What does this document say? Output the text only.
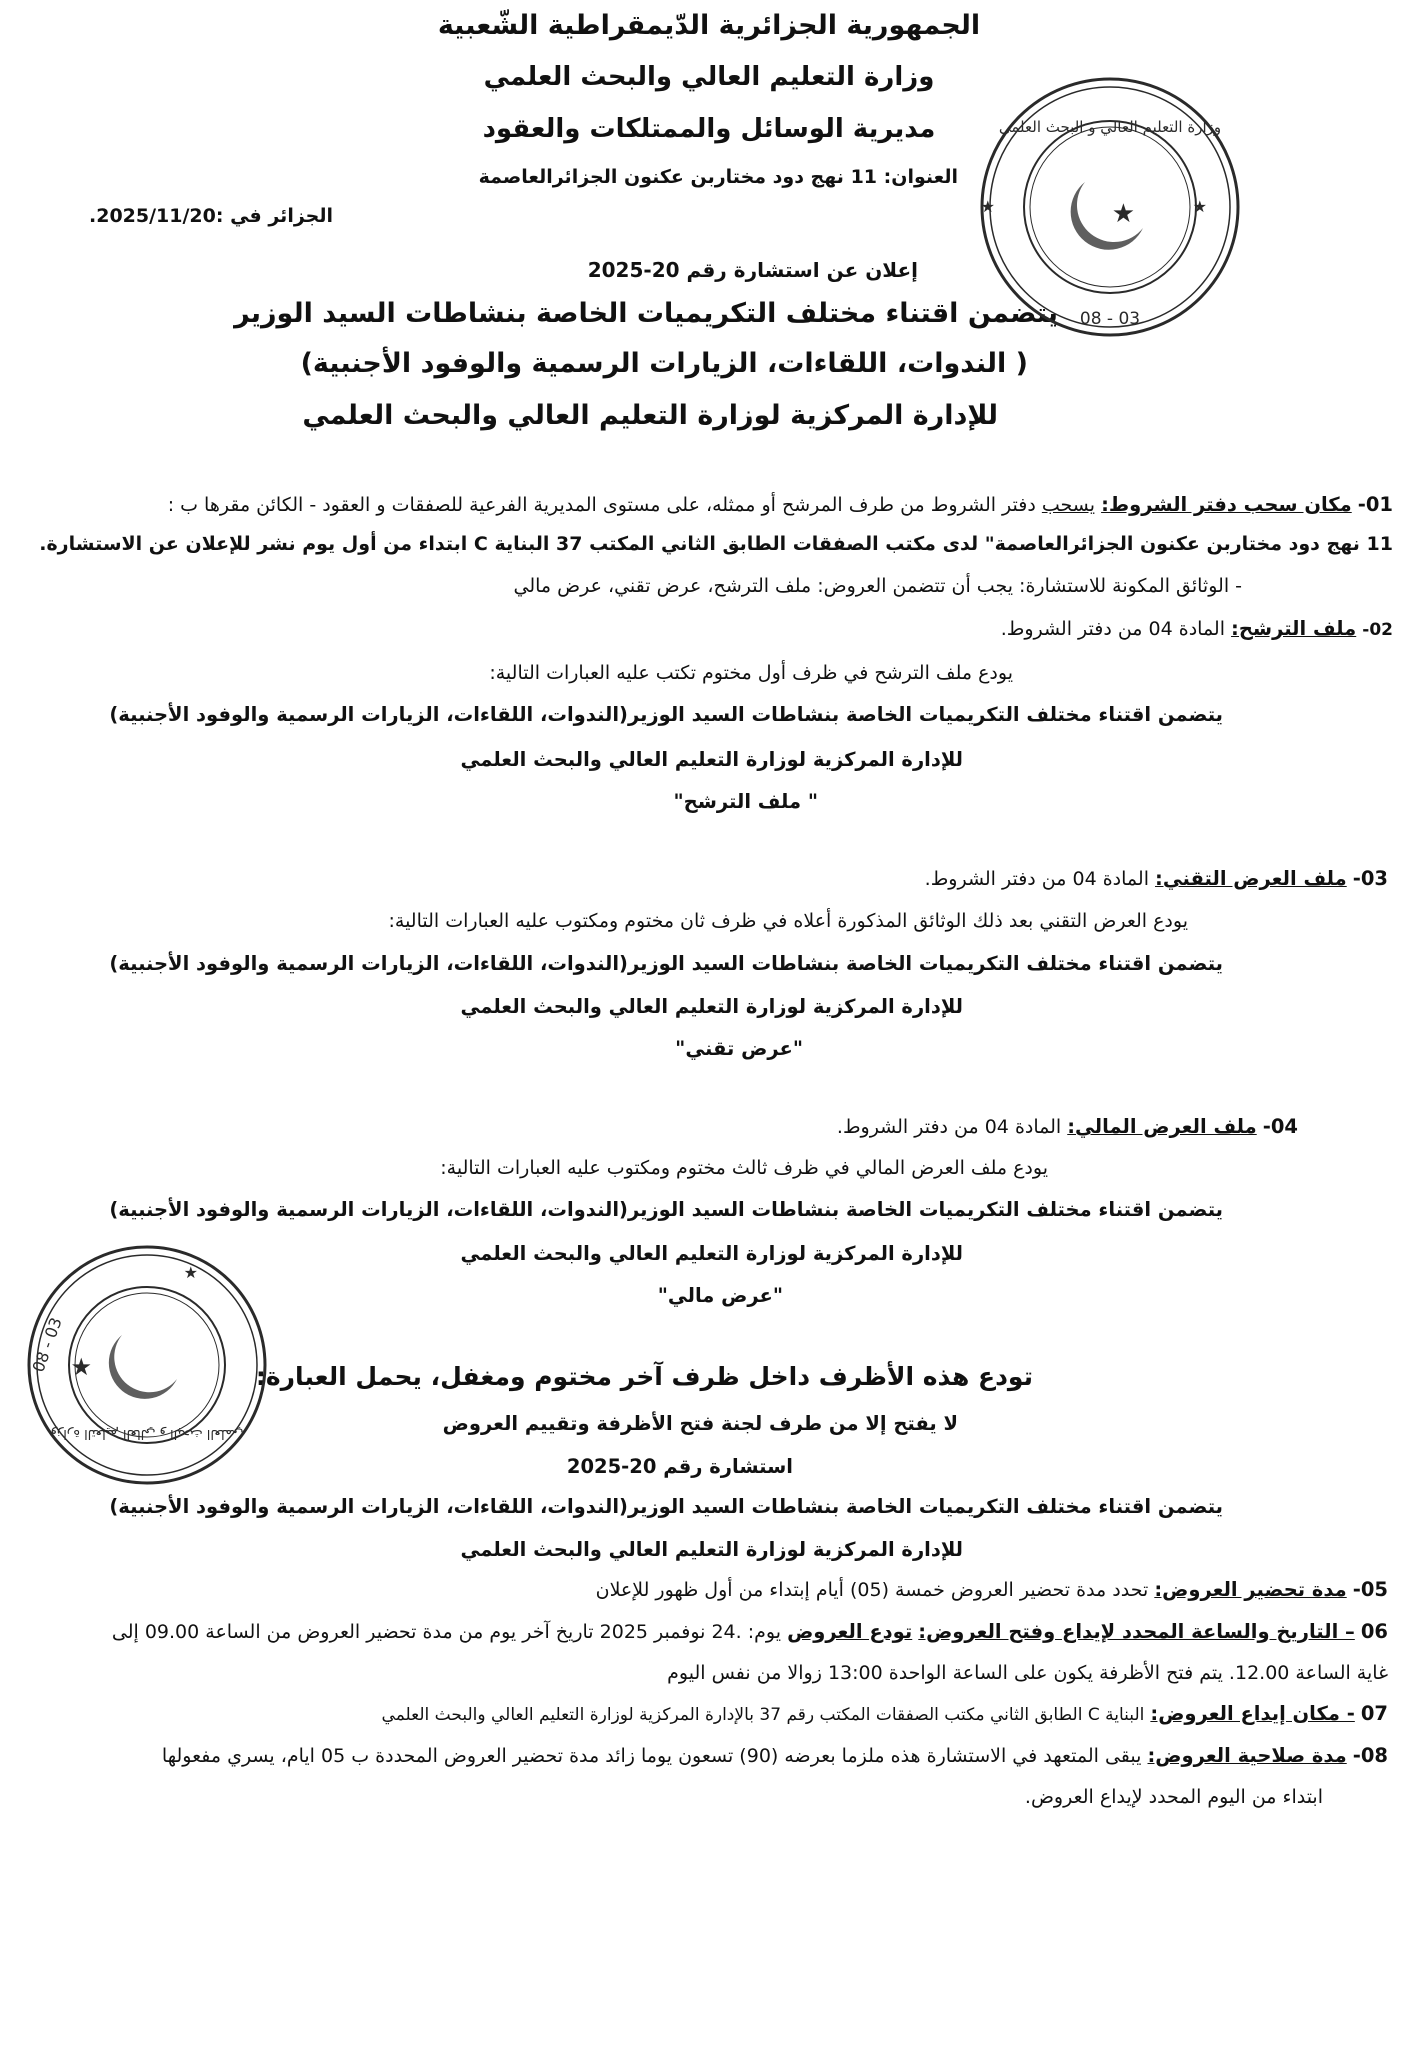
الجمهورية الجزائرية الدّيمقراطية الشّعبية
وزارة التعليم العالي والبحث العلمي
مديرية الوسائل والممتلكات والعقود
العنوان: 11 نهج دود مختاربن عكنون الجزائرالعاصمة
الجزائر في :2025/11/20.
إعلان عن استشارة رقم 20-2025
يتضمن اقتناء مختلف التكريميات الخاصة بنشاطات السيد الوزير
( الندوات، اللقاءات، الزيارات الرسمية والوفود الأجنبية)
للإدارة المركزية لوزارة التعليم العالي والبحث العلمي
01- مكان سحب دفتر الشروط: يسحب دفتر الشروط من طرف المرشح أو ممثله، على مستوى المديرية الفرعية للصفقات و العقود - الكائن مقرها ب :
11 نهج دود مختاربن عكنون الجزائرالعاصمة" لدى مكتب الصفقات الطابق الثاني المكتب 37 البناية C ابتداء من أول يوم نشر للإعلان عن الاستشارة.
- الوثائق المكونة للاستشارة: يجب أن تتضمن العروض: ملف الترشح، عرض تقني، عرض مالي
02- ملف الترشح: المادة 04 من دفتر الشروط.
يودع ملف الترشح في ظرف أول مختوم تكتب عليه العبارات التالية:
يتضمن اقتناء مختلف التكريميات الخاصة بنشاطات السيد الوزير(الندوات، اللقاءات، الزيارات الرسمية والوفود الأجنبية)
للإدارة المركزية لوزارة التعليم العالي والبحث العلمي
" ملف الترشح"
03- ملف العرض التقني: المادة 04 من دفتر الشروط.
يودع العرض التقني بعد ذلك الوثائق المذكورة أعلاه في ظرف ثان مختوم ومكتوب عليه العبارات التالية:
يتضمن اقتناء مختلف التكريميات الخاصة بنشاطات السيد الوزير(الندوات، اللقاءات، الزيارات الرسمية والوفود الأجنبية)
للإدارة المركزية لوزارة التعليم العالي والبحث العلمي
"عرض تقني"
04- ملف العرض المالي: المادة 04 من دفتر الشروط.
يودع ملف العرض المالي في ظرف ثالث مختوم ومكتوب عليه العبارات التالية:
يتضمن اقتناء مختلف التكريميات الخاصة بنشاطات السيد الوزير(الندوات، اللقاءات، الزيارات الرسمية والوفود الأجنبية)
للإدارة المركزية لوزارة التعليم العالي والبحث العلمي
"عرض مالي"
تودع هذه الأظرف داخل ظرف آخر مختوم ومغفل، يحمل العبارة:
لا يفتح إلا من طرف لجنة فتح الأظرفة وتقييم العروض
استشارة رقم 20-2025
يتضمن اقتناء مختلف التكريميات الخاصة بنشاطات السيد الوزير(الندوات، اللقاءات، الزيارات الرسمية والوفود الأجنبية)
للإدارة المركزية لوزارة التعليم العالي والبحث العلمي
05- مدة تحضير العروض: تحدد مدة تحضير العروض خمسة (05) أيام إبتداء من أول ظهور للإعلان
06 – التاريخ والساعة المحدد لإيداع وفتح العروض: تودع العروض يوم: .24 نوفمبر 2025 تاريخ آخر يوم من مدة تحضير العروض من الساعة 09.00 إلى
غاية الساعة 12.00. يتم فتح الأظرفة يكون على الساعة الواحدة 13:00 زوالا من نفس اليوم
07 - مكان إيداع العروض: البناية C الطابق الثاني مكتب الصفقات المكتب رقم 37 بالإدارة المركزية لوزارة التعليم العالي والبحث العلمي
08- مدة صلاحية العروض: يبقى المتعهد في الاستشارة هذه ملزما بعرضه (90) تسعون يوما زائد مدة تحضير العروض المحددة ب 05 ايام، يسري مفعولها
ابتداء من اليوم المحدد لإيداع العروض.
★
★	★
وزارة التعليم العالي و البحث العلمي
03 - 08
★
★
وزارة التعليم العالي و البحث العلمي
03 - 08
